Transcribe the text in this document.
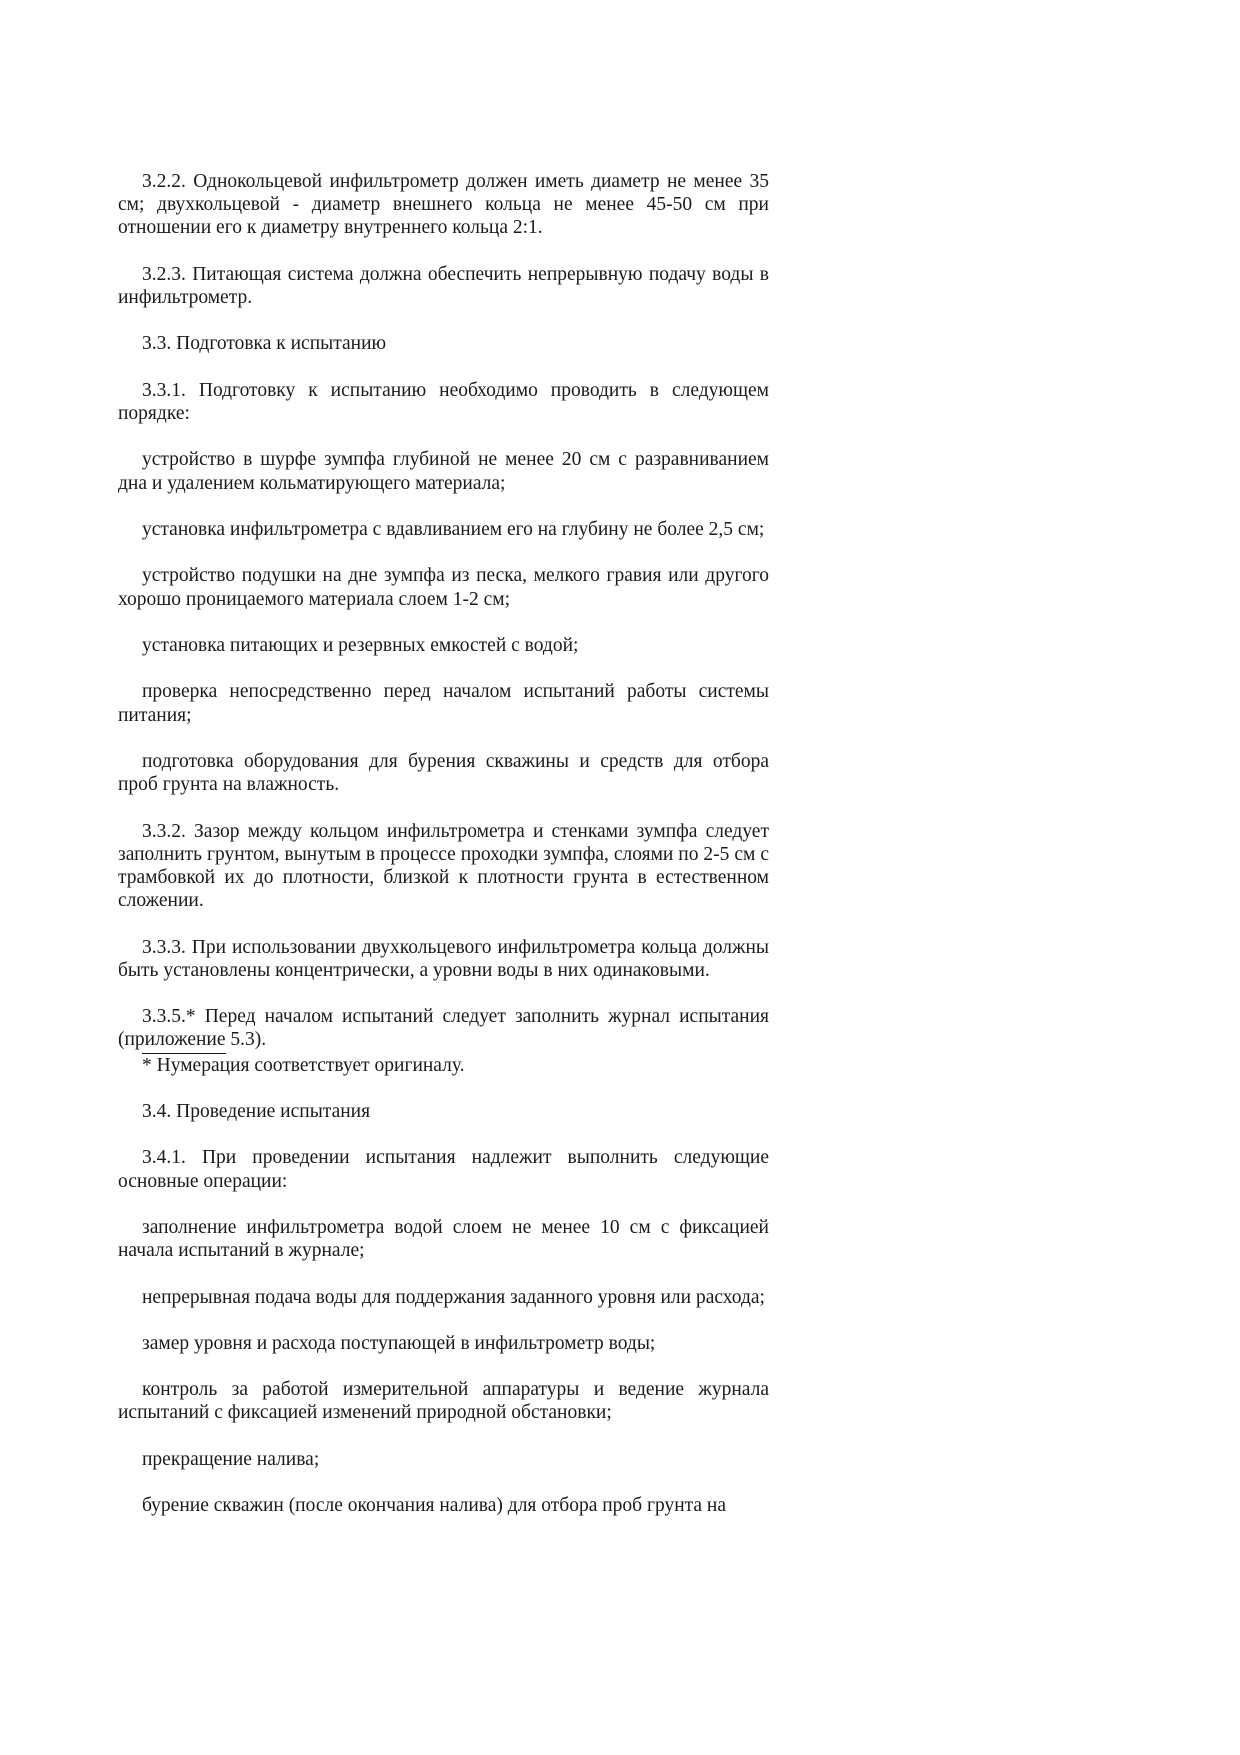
3.2.2. Однокольцевой инфильтрометр должен иметь диаметр не менее 35 см; двухкольцевой - диаметр внешнего кольца не менее 45-50 см при отношении его к диаметру внутреннего кольца 2:1.

3.2.3. Питающая система должна обеспечить непрерывную подачу воды в инфильтрометр.

3.3. Подготовка к испытанию

3.3.1. Подготовку к испытанию необходимо проводить в следующем порядке:

устройство в шурфе зумпфа глубиной не менее 20 см с разравниванием дна и удалением кольматирующего материала;

установка инфильтрометра с вдавливанием его на глубину не более 2,5 см;

устройство подушки на дне зумпфа из песка, мелкого гравия или другого хорошо проницаемого материала слоем 1-2 см;

установка питающих и резервных емкостей с водой;

проверка непосредственно перед началом испытаний работы системы питания;

подготовка оборудования для бурения скважины и средств для отбора проб грунта на влажность.

3.3.2. Зазор между кольцом инфильтрометра и стенками зумпфа следует заполнить грунтом, вынутым в процессе проходки зумпфа, слоями по 2-5 см с трамбовкой их до плотности, близкой к плотности грунта в естественном сложении.

3.3.3. При использовании двухкольцевого инфильтрометра кольца должны быть установлены концентрически, а уровни воды в них одинаковыми.

3.3.5.* Перед началом испытаний следует заполнить журнал испытания (приложение 5.3).

* Нумерация соответствует оригиналу.

3.4. Проведение испытания

3.4.1. При проведении испытания надлежит выполнить следующие основные операции:

заполнение инфильтрометра водой слоем не менее 10 см с фиксацией начала испытаний в журнале;

непрерывная подача воды для поддержания заданного уровня или расхода;

замер уровня и расхода поступающей в инфильтрометр воды;

контроль за работой измерительной аппаратуры и ведение журнала испытаний с фиксацией изменений природной обстановки;

прекращение налива;

бурение скважин (после окончания налива) для отбора проб грунта на
